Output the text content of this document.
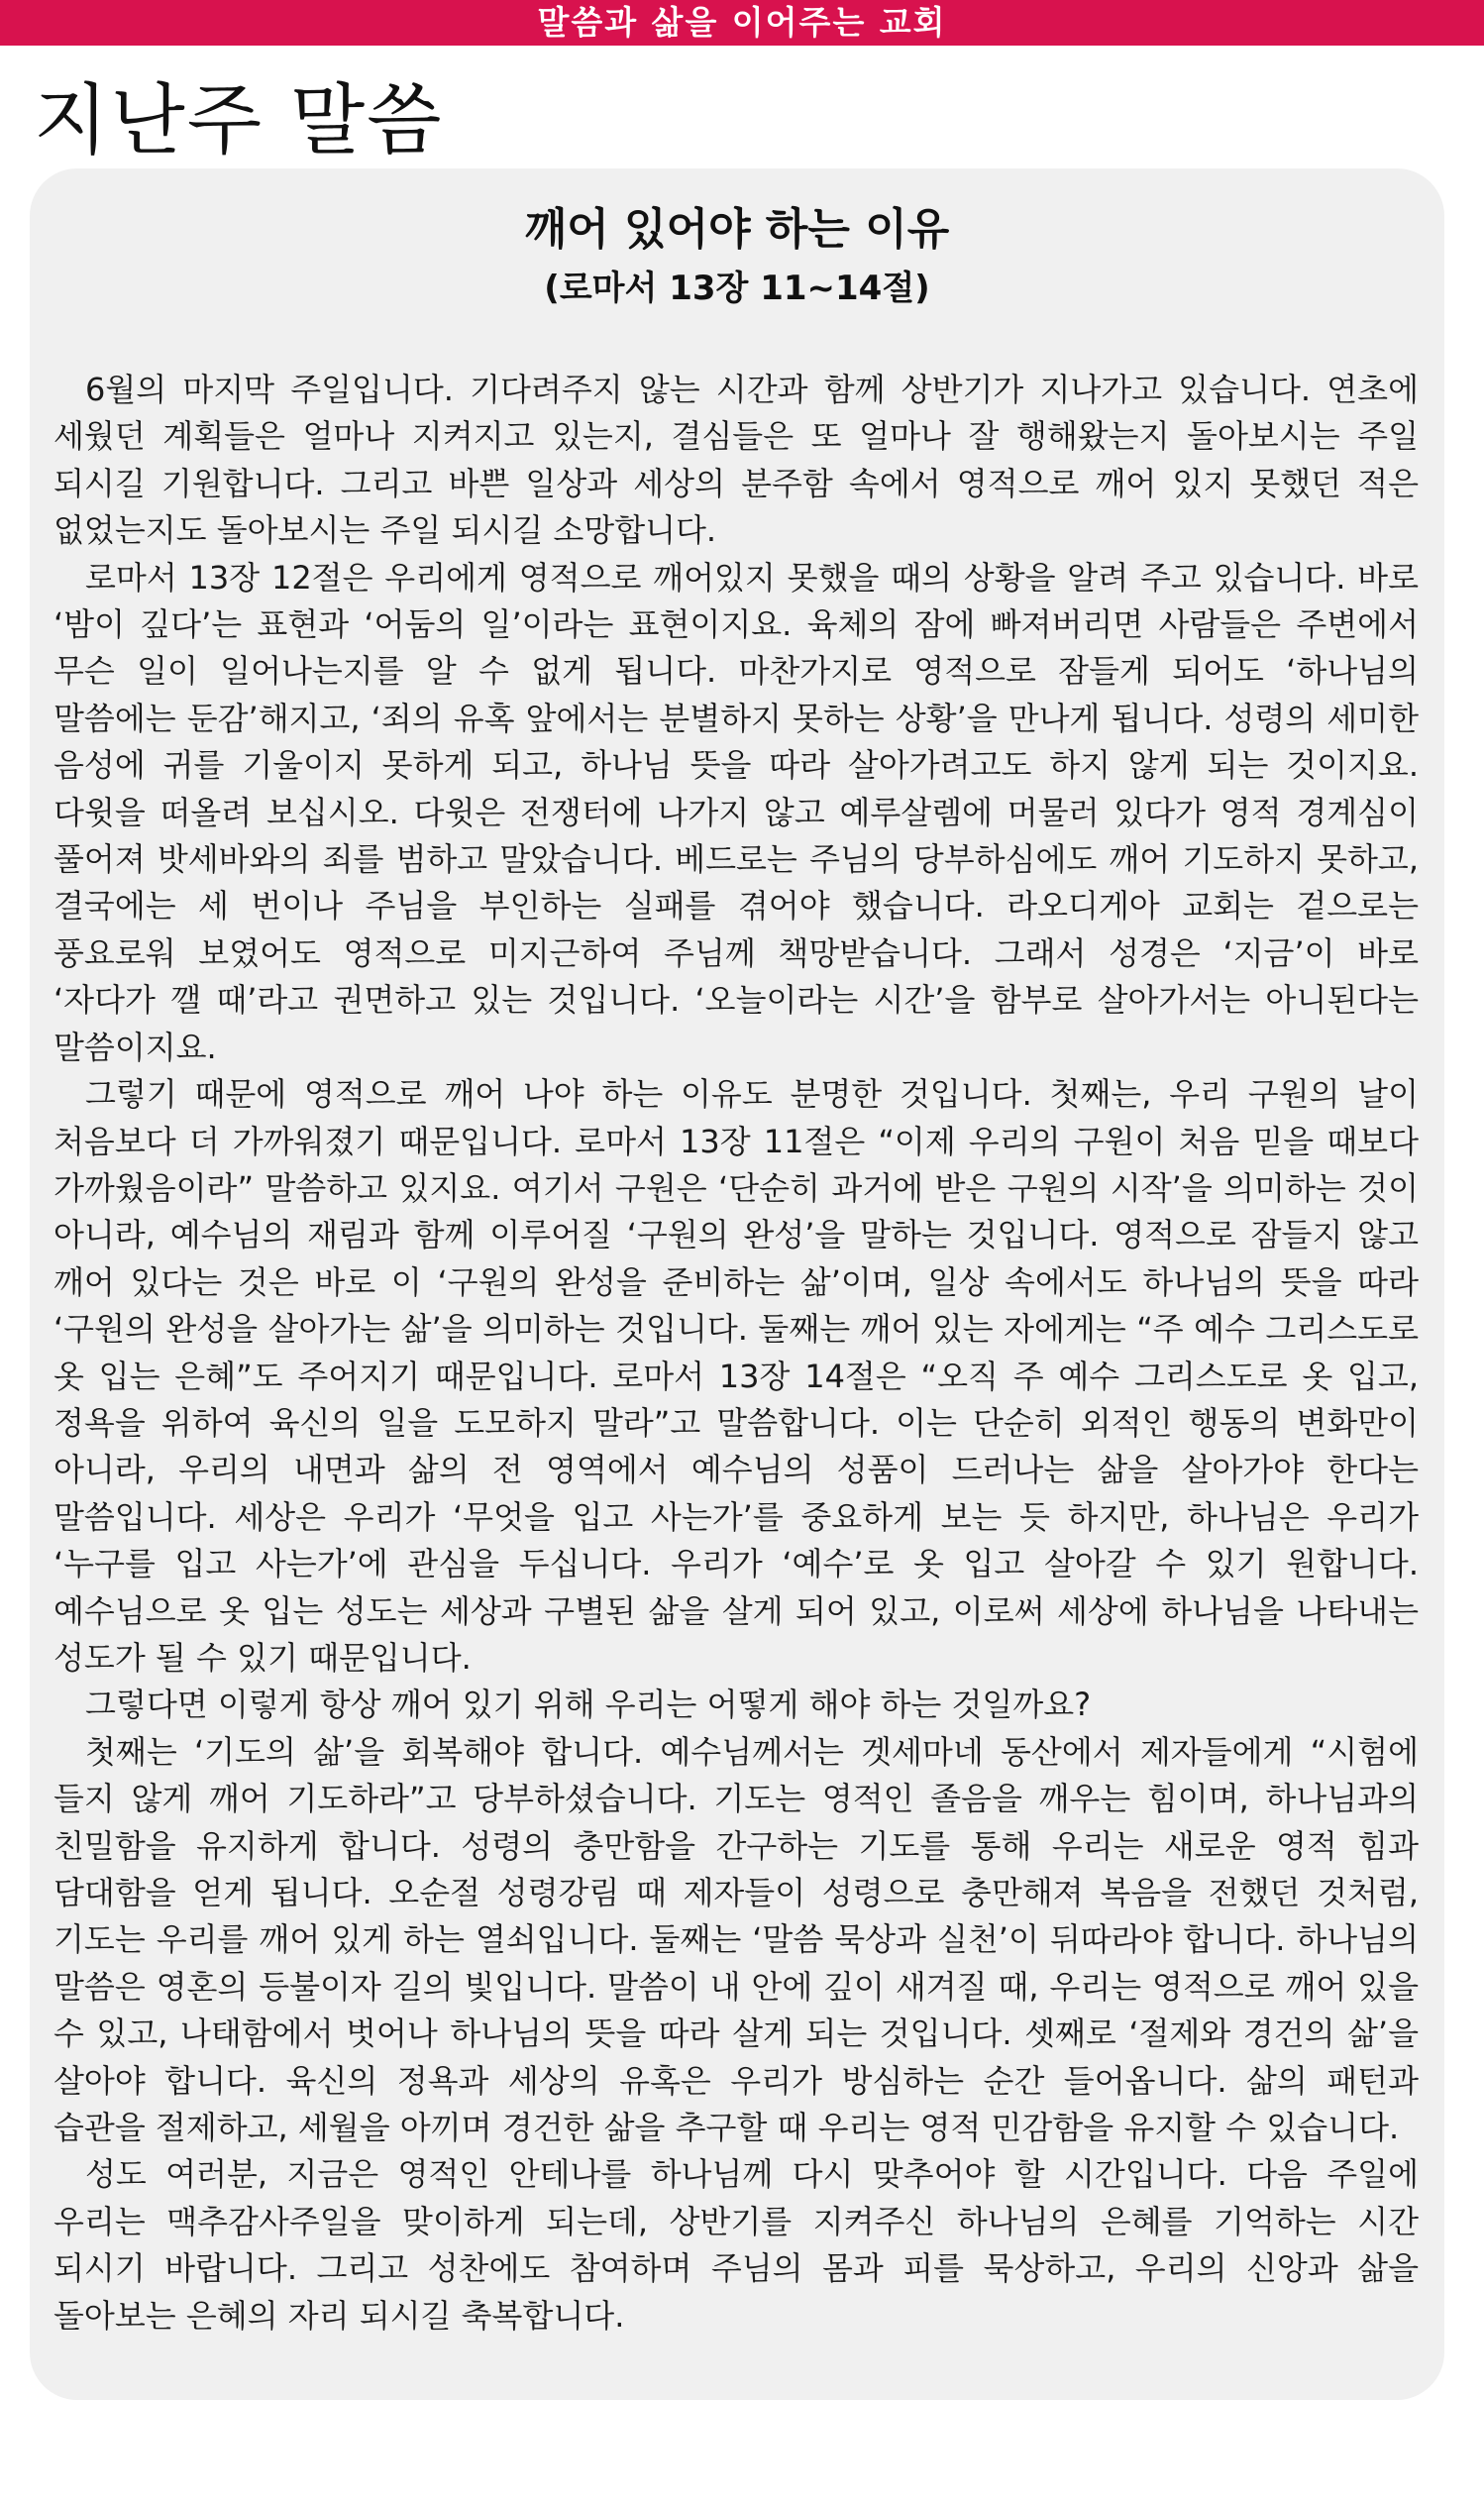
말씀과 삶을 이어주는 교회
지난주 말씀
깨어 있어야 하는 이유
(로마서 13장 11~14절)

6월의 마지막 주일입니다. 기다려주지 않는 시간과 함께 상반기가 지나가고 있습니다. 연초에 세웠던 계획들은 얼마나 지켜지고 있는지, 결심들은 또 얼마나 잘 행해왔는지 돌아보시는 주일 되시길 기원합니다. 그리고 바쁜 일상과 세상의 분주함 속에서 영적으로 깨어 있지 못했던 적은 없었는지도 돌아보시는 주일 되시길 소망합니다.

로마서 13장 12절은 우리에게 영적으로 깨어있지 못했을 때의 상황을 알려 주고 있습니다. 바로 ‘밤이 깊다’는 표현과 ‘어둠의 일’이라는 표현이지요. 육체의 잠에 빠져버리면 사람들은 주변에서 무슨 일이 일어나는지를 알 수 없게 됩니다. 마찬가지로 영적으로 잠들게 되어도 ‘하나님의 말씀에는 둔감’해지고, ‘죄의 유혹 앞에서는 분별하지 못하는 상황’을 만나게 됩니다. 성령의 세미한 음성에 귀를 기울이지 못하게 되고, 하나님 뜻을 따라 살아가려고도 하지 않게 되는 것이지요. 다윗을 떠올려 보십시오. 다윗은 전쟁터에 나가지 않고 예루살렘에 머물러 있다가 영적 경계심이 풀어져 밧세바와의 죄를 범하고 말았습니다. 베드로는 주님의 당부하심에도 깨어 기도하지 못하고, 결국에는 세 번이나 주님을 부인하는 실패를 겪어야 했습니다. 라오디게아 교회는 겉으로는 풍요로워 보였어도 영적으로 미지근하여 주님께 책망받습니다. 그래서 성경은 ‘지금’이 바로 ‘자다가 깰 때’라고 권면하고 있는 것입니다. ‘오늘이라는 시간’을 함부로 살아가서는 아니된다는 말씀이지요.

그렇기 때문에 영적으로 깨어 나야 하는 이유도 분명한 것입니다. 첫째는, 우리 구원의 날이 처음보다 더 가까워졌기 때문입니다. 로마서 13장 11절은 “이제 우리의 구원이 처음 믿을 때보다 가까웠음이라” 말씀하고 있지요. 여기서 구원은 ‘단순히 과거에 받은 구원의 시작’을 의미하는 것이 아니라, 예수님의 재림과 함께 이루어질 ‘구원의 완성’을 말하는 것입니다. 영적으로 잠들지 않고 깨어 있다는 것은 바로 이 ‘구원의 완성을 준비하는 삶’이며, 일상 속에서도 하나님의 뜻을 따라 ‘구원의 완성을 살아가는 삶’을 의미하는 것입니다. 둘째는 깨어 있는 자에게는 “주 예수 그리스도로 옷 입는 은혜”도 주어지기 때문입니다. 로마서 13장 14절은 “오직 주 예수 그리스도로 옷 입고, 정욕을 위하여 육신의 일을 도모하지 말라”고 말씀합니다. 이는 단순히 외적인 행동의 변화만이 아니라, 우리의 내면과 삶의 전 영역에서 예수님의 성품이 드러나는 삶을 살아가야 한다는 말씀입니다. 세상은 우리가 ‘무엇을 입고 사는가’를 중요하게 보는 듯 하지만, 하나님은 우리가 ‘누구를 입고 사는가’에 관심을 두십니다. 우리가 ‘예수’로 옷 입고 살아갈 수 있기 원합니다. 예수님으로 옷 입는 성도는 세상과 구별된 삶을 살게 되어 있고, 이로써 세상에 하나님을 나타내는 성도가 될 수 있기 때문입니다.

그렇다면 이렇게 항상 깨어 있기 위해 우리는 어떻게 해야 하는 것일까요?

첫째는 ‘기도의 삶’을 회복해야 합니다. 예수님께서는 겟세마네 동산에서 제자들에게 “시험에 들지 않게 깨어 기도하라”고 당부하셨습니다. 기도는 영적인 졸음을 깨우는 힘이며, 하나님과의 친밀함을 유지하게 합니다. 성령의 충만함을 간구하는 기도를 통해 우리는 새로운 영적 힘과 담대함을 얻게 됩니다. 오순절 성령강림 때 제자들이 성령으로 충만해져 복음을 전했던 것처럼, 기도는 우리를 깨어 있게 하는 열쇠입니다. 둘째는 ‘말씀 묵상과 실천’이 뒤따라야 합니다. 하나님의 말씀은 영혼의 등불이자 길의 빛입니다. 말씀이 내 안에 깊이 새겨질 때, 우리는 영적으로 깨어 있을 수 있고, 나태함에서 벗어나 하나님의 뜻을 따라 살게 되는 것입니다. 셋째로 ‘절제와 경건의 삶’을 살아야 합니다. 육신의 정욕과 세상의 유혹은 우리가 방심하는 순간 들어옵니다. 삶의 패턴과 습관을 절제하고, 세월을 아끼며 경건한 삶을 추구할 때 우리는 영적 민감함을 유지할 수 있습니다.

성도 여러분, 지금은 영적인 안테나를 하나님께 다시 맞추어야 할 시간입니다. 다음 주일에 우리는 맥추감사주일을 맞이하게 되는데, 상반기를 지켜주신 하나님의 은혜를 기억하는 시간 되시기 바랍니다. 그리고 성찬에도 참여하며 주님의 몸과 피를 묵상하고, 우리의 신앙과 삶을 돌아보는 은혜의 자리 되시길 축복합니다.
